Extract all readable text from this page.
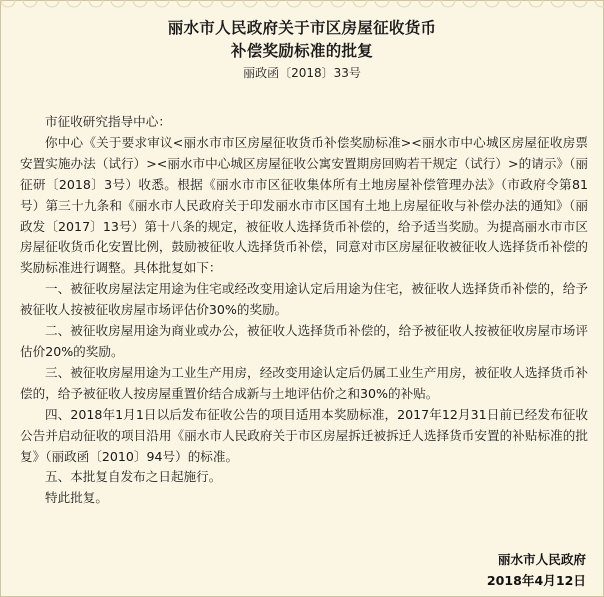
丽水市人民政府关于市区房屋征收货币
补偿奖励标准的批复
丽政函〔2018〕33号

市征收研究指导中心：

你中心《关于要求审议<丽水市市区房屋征收货币补偿奖励标准><丽水市中心城区房屋征收房票安置实施办法（试行）><丽水市中心城区房屋征收公寓安置期房回购若干规定（试行）>的请示》（丽征研〔2018〕3号）收悉。根据《丽水市市区征收集体所有土地房屋补偿管理办法》（市政府令第81号）第三十九条和《丽水市人民政府关于印发丽水市市区国有土地上房屋征收与补偿办法的通知》（丽政发〔2017〕13号）第十八条的规定，被征收人选择货币补偿的，给予适当奖励。为提高丽水市市区房屋征收货币化安置比例，鼓励被征收人选择货币补偿，同意对市区房屋征收被征收人选择货币补偿的奖励标准进行调整。具体批复如下：

一、被征收房屋法定用途为住宅或经改变用途认定后用途为住宅，被征收人选择货币补偿的，给予被征收人按被征收房屋市场评估价30%的奖励。

二、被征收房屋用途为商业或办公，被征收人选择货币补偿的，给予被征收人按被征收房屋市场评估价20%的奖励。

三、被征收房屋用途为工业生产用房，经改变用途认定后仍属工业生产用房，被征收人选择货币补偿的，给予被征收人按房屋重置价结合成新与土地评估价之和30%的补贴。

四、2018年1月1日以后发布征收公告的项目适用本奖励标准，2017年12月31日前已经发布征收公告并启动征收的项目沿用《丽水市人民政府关于市区房屋拆迁被拆迁人选择货币安置的补贴标准的批复》（丽政函〔2010〕94号）的标准。

五、本批复自发布之日起施行。

特此批复。

丽水市人民政府
2018年4月12日
